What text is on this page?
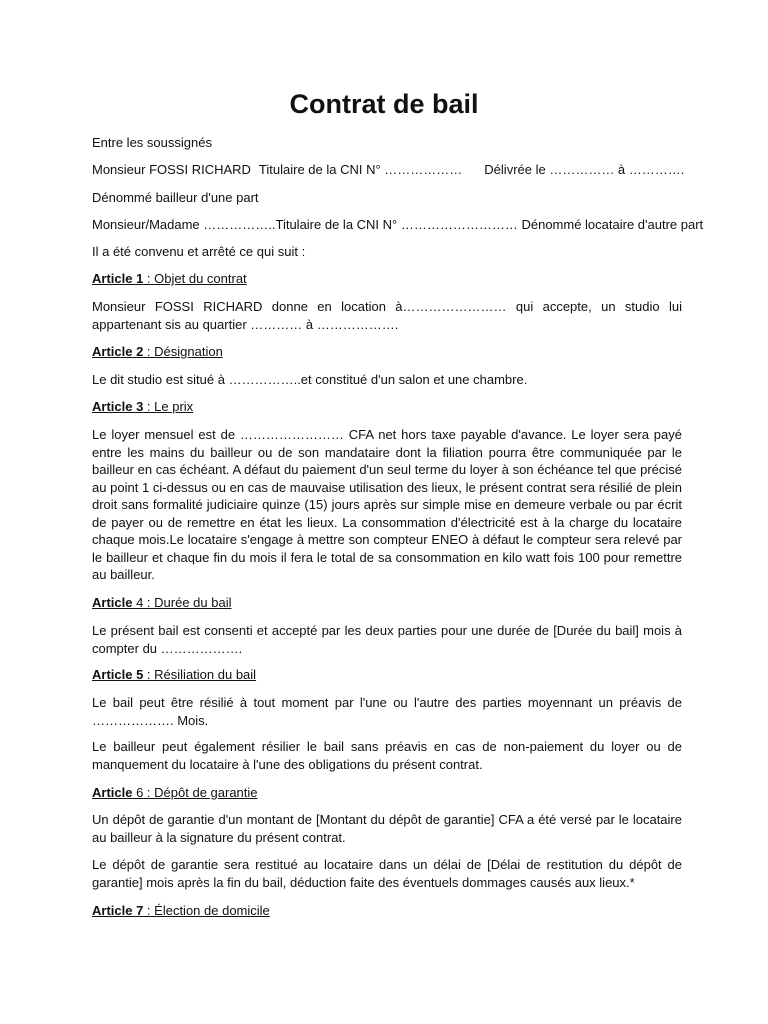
Contrat de bail
Entre les soussignés
Monsieur FOSSI RICHARD Titulaire de la CNI N° ……………… Délivrée le …………… à ………….
Dénommé bailleur d'une part
Monsieur/Madame ……………..Titulaire de la CNI N° ……………………… Dénommé locataire d'autre part
Il a été convenu et arrêté ce qui suit :
Article 1 : Objet du contrat
Monsieur FOSSI RICHARD donne en location à…………………… qui accepte, un studio lui appartenant sis au quartier ………… à ……………….
Article 2 : Désignation
Le dit studio est situé à ……………..et constitué d'un salon et une chambre.
Article 3 : Le prix
Le loyer mensuel est de …………………… CFA net hors taxe payable d'avance. Le loyer sera payé entre les mains du bailleur ou de son mandataire dont la filiation pourra être communiquée par le bailleur en cas échéant. A défaut du paiement d'un seul terme du loyer à son échéance tel que précisé au point 1 ci-dessus ou en cas de mauvaise utilisation des lieux, le présent contrat sera résilié de plein droit sans formalité judiciaire quinze (15) jours après sur simple mise en demeure verbale ou par écrit de payer ou de remettre en état les lieux. La consommation d'électricité est à la charge du locataire chaque mois.Le locataire s'engage à mettre son compteur ENEO à défaut le compteur sera relevé par le bailleur et chaque fin du mois il fera le total de sa consommation en kilo watt fois 100 pour remettre au bailleur.
Article 4 : Durée du bail
Le présent bail est consenti et accepté par les deux parties pour une durée de [Durée du bail] mois à compter du ……………….
Article 5 : Résiliation du bail
Le bail peut être résilié à tout moment par l'une ou l'autre des parties moyennant un préavis de ………………. Mois.
Le bailleur peut également résilier le bail sans préavis en cas de non-paiement du loyer ou de manquement du locataire à l'une des obligations du présent contrat.
Article 6 : Dépôt de garantie
Un dépôt de garantie d'un montant de [Montant du dépôt de garantie] CFA a été versé par le locataire au bailleur à la signature du présent contrat.
Le dépôt de garantie sera restitué au locataire dans un délai de [Délai de restitution du dépôt de garantie] mois après la fin du bail, déduction faite des éventuels dommages causés aux lieux.*
Article 7 : Élection de domicile
